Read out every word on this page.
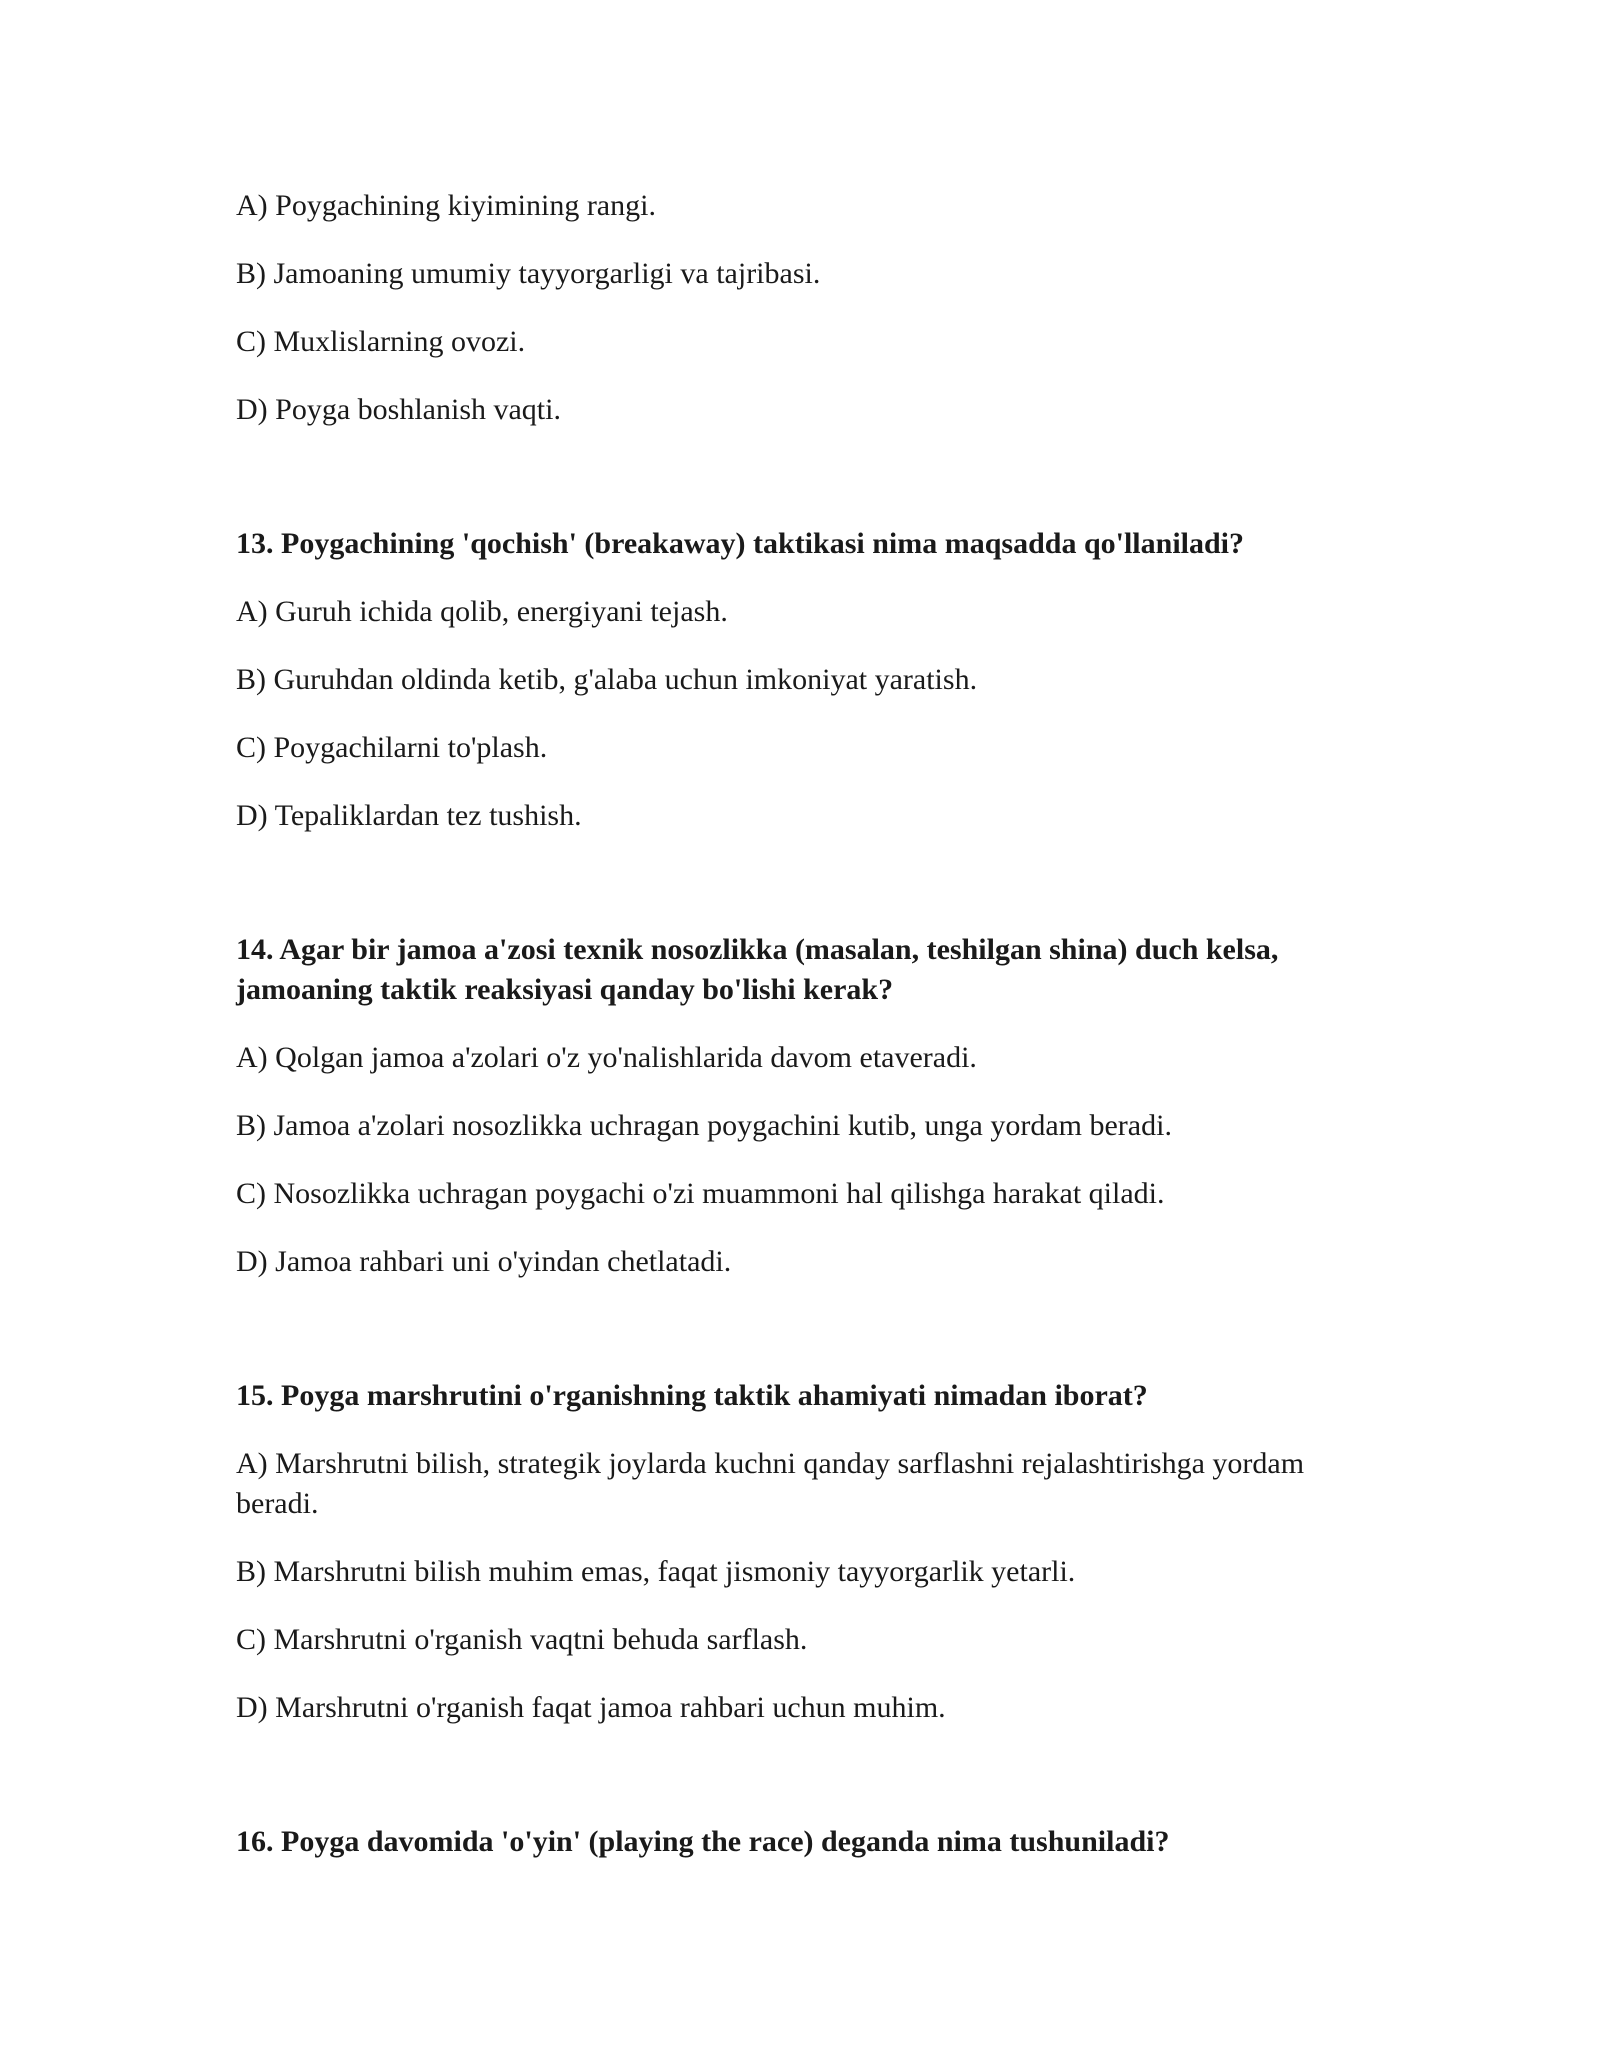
A) Poygachining kiyimining rangi.

B) Jamoaning umumiy tayyorgarligi va tajribasi.

C) Muxlislarning ovozi.

D) Poyga boshlanish vaqti.

13. Poygachining 'qochish' (breakaway) taktikasi nima maqsadda qo'llaniladi?

A) Guruh ichida qolib, energiyani tejash.

B) Guruhdan oldinda ketib, g'alaba uchun imkoniyat yaratish.

C) Poygachilarni to'plash.

D) Tepaliklardan tez tushish.

14. Agar bir jamoa a'zosi texnik nosozlikka (masalan, teshilgan shina) duch kelsa, jamoaning taktik reaksiyasi qanday bo'lishi kerak?

A) Qolgan jamoa a'zolari o'z yo'nalishlarida davom etaveradi.

B) Jamoa a'zolari nosozlikka uchragan poygachini kutib, unga yordam beradi.

C) Nosozlikka uchragan poygachi o'zi muammoni hal qilishga harakat qiladi.

D) Jamoa rahbari uni o'yindan chetlatadi.

15. Poyga marshrutini o'rganishning taktik ahamiyati nimadan iborat?

A) Marshrutni bilish, strategik joylarda kuchni qanday sarflashni rejalashtirishga yordam beradi.

B) Marshrutni bilish muhim emas, faqat jismoniy tayyorgarlik yetarli.

C) Marshrutni o'rganish vaqtni behuda sarflash.

D) Marshrutni o'rganish faqat jamoa rahbari uchun muhim.

16. Poyga davomida 'o'yin' (playing the race) deganda nima tushuniladi?
